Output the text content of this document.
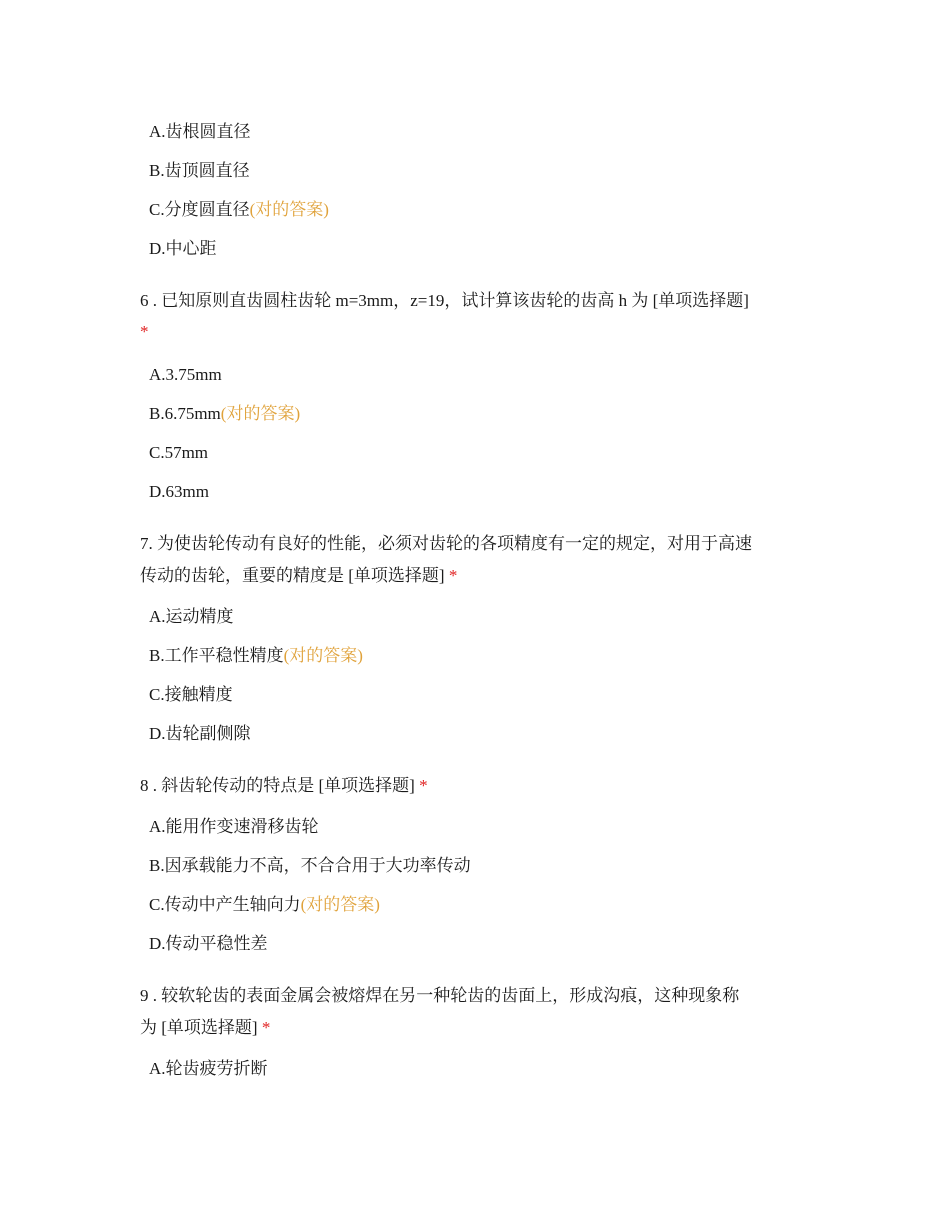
A.齿根圆直径
B.齿顶圆直径
C.分度圆直径(对的答案)
D.中心距
6 . 已知原则直齿圆柱齿轮 m=3mm，z=19，试计算该齿轮的齿高 h 为 [单项选择题]
*
A.3.75mm
B.6.75mm(对的答案)
C.57mm
D.63mm
7. 为使齿轮传动有良好的性能，必须对齿轮的各项精度有一定的规定，对用于高速
传动的齿轮，重要的精度是 [单项选择题] *
A.运动精度
B.工作平稳性精度(对的答案)
C.接触精度
D.齿轮副侧隙
8 . 斜齿轮传动的特点是 [单项选择题] *
A.能用作变速滑移齿轮
B.因承载能力不高，不合合用于大功率传动
C.传动中产生轴向力(对的答案)
D.传动平稳性差
9 . 较软轮齿的表面金属会被熔焊在另一种轮齿的齿面上，形成沟痕，这种现象称
为 [单项选择题] *
A.轮齿疲劳折断
